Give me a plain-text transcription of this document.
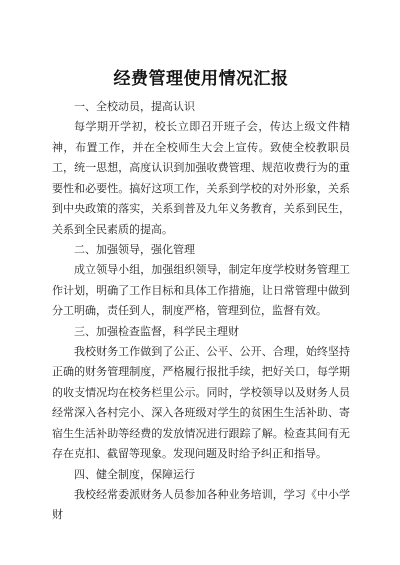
经费管理使用情况汇报

一、全校动员，提高认识

每学期开学初，校长立即召开班子会，传达上级文件精神，布置工作，并在全校师生大会上宣传。致使全校教职员工，统一思想，高度认识到加强收费管理、规范收费行为的重要性和必要性。搞好这项工作，关系到学校的对外形象，关系到中央政策的落实，关系到普及九年义务教育，关系到民生，关系到全民素质的提高。

二、加强领导，强化管理

成立领导小组，加强组织领导，制定年度学校财务管理工作计划，明确了工作目标和具体工作措施，让日常管理中做到分工明确，责任到人，制度严格，管理到位，监督有效。

三、加强检查监督，科学民主理财

我校财务工作做到了公正、公平、公开、合理，始终坚持正确的财务管理制度，严格履行报批手续，把好关口，每学期的收支情况均在校务栏里公示。同时，学校领导以及财务人员经常深入各村完小、深入各班级对学生的贫困生生活补助、寄宿生生活补助等经费的发放情况进行跟踪了解。检查其间有无存在克扣、截留等现象。发现问题及时给予纠正和指导。

四、健全制度，保障运行

我校经常委派财务人员参加各种业务培训，学习《中小学财
